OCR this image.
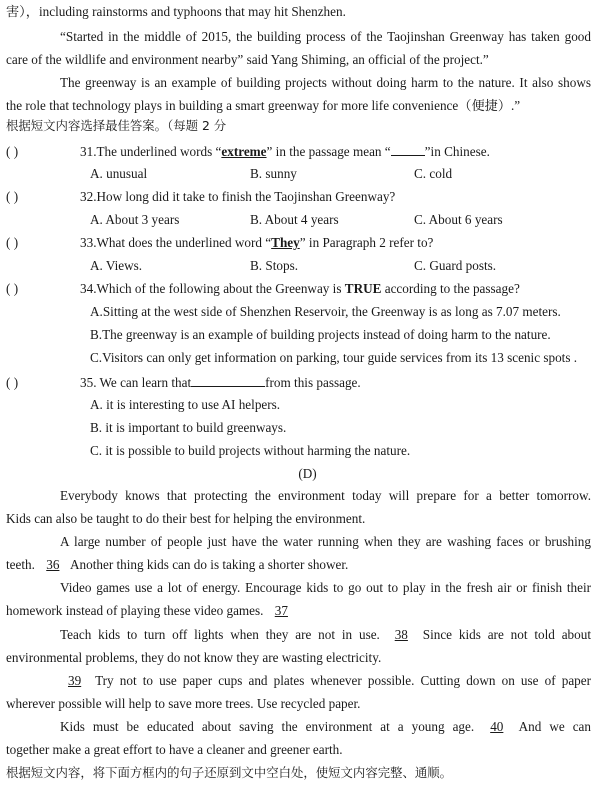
害），including rainstorms and typhoons that may hit Shenzhen.
“Started in the middle of 2015, the building process of the Taojinshan Greenway has taken good
care of the wildlife and environment nearby” said Yang Shiming, an official of the project.”
The greenway is an example of building projects without doing harm to the nature. It also shows
the role that technology plays in building a smart greenway for more life convenience（便捷）.”
根据短文内容选择最佳答案。（每题 2 分
( )	31.The underlined words “extreme” in the passage mean “	”in Chinese.
A. unusual	B. sunny	C. cold
( )	32.How long did it take to finish the Taojinshan Greenway?
A. About 3 years	B. About 4 years	C. About 6 years
( )	33.What does the underlined word “They” in Paragraph 2 refer to?
A. Views.	B. Stops.	C. Guard posts.
( )	34.Which of the following about the Greenway is TRUE according to the passage?
A.Sitting at the west side of Shenzhen Reservoir, the Greenway is as long as 7.07 meters.
B.The greenway is an example of building projects instead of doing harm to the nature.
C.Visitors can only get information on parking, tour guide services from its 13 scenic spots .
( )	35. We can learn that	from this passage.
A. it is interesting to use AI helpers.
B. it is important to build greenways.
C. it is possible to build projects without harming the nature.
(D)
Everybody knows that protecting the environment today will prepare for a better tomorrow.
Kids can also be taught to do their best for helping the environment.
A large number of people just have the water running when they are washing faces or brushing
teeth. 36 Another thing kids can do is taking a shorter shower.
Video games use a lot of energy. Encourage kids to go out to play in the fresh air or finish their
homework instead of playing these video games. 37
Teach kids to turn off lights when they are not in use. 38 Since kids are not told about
environmental problems, they do not know they are wasting electricity.
39 Try not to use paper cups and plates whenever possible. Cutting down on use of paper
wherever possible will help to save more trees. Use recycled paper.
Kids must be educated about saving the environment at a young age. 40 And we can
together make a great effort to have a cleaner and greener earth.
根据短文内容，将下面方框内的句子还原到文中空白处，使短文内容完整、通顺。
